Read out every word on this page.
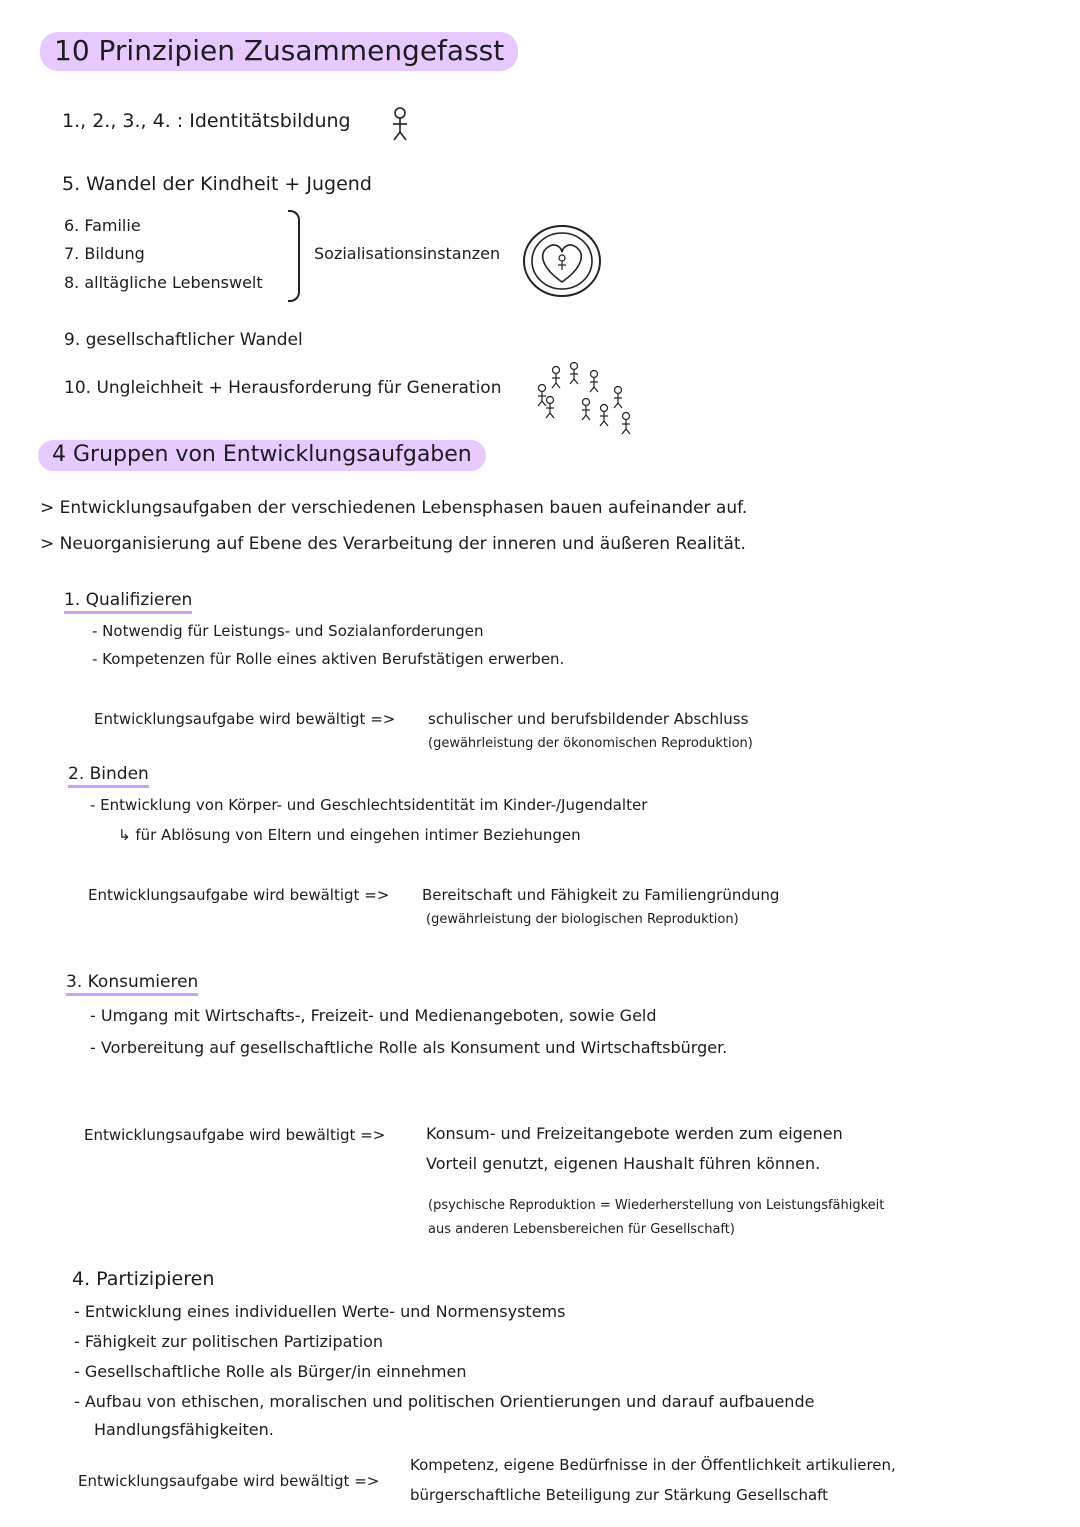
10 Prinzipien Zusammengefasst
1., 2., 3., 4. : Identitätsbildung
5. Wandel der Kindheit + Jugend
6. Familie
7. Bildung
8. alltägliche Lebenswelt
Sozialisationsinstanzen
9. gesellschaftlicher Wandel
10. Ungleichheit + Herausforderung für Generation
4 Gruppen von Entwicklungsaufgaben
> Entwicklungsaufgaben der verschiedenen Lebensphasen bauen aufeinander auf.
> Neuorganisierung auf Ebene des Verarbeitung der inneren und äußeren Realität.
1. Qualifizieren
- Notwendig für Leistungs- und Sozialanforderungen
- Kompetenzen für Rolle eines aktiven Berufstätigen erwerben.
Entwicklungsaufgabe wird bewältigt => schulischer und berufsbildender Abschluss
(gewährleistung der ökonomischen Reproduktion)
2. Binden
- Entwicklung von Körper- und Geschlechtsidentität im Kinder-/Jugendalter
↳ für Ablösung von Eltern und eingehen intimer Beziehungen
Entwicklungsaufgabe wird bewältigt => Bereitschaft und Fähigkeit zu Familiengründung
(gewährleistung der biologischen Reproduktion)
3. Konsumieren
- Umgang mit Wirtschafts-, Freizeit- und Medienangeboten, sowie Geld
- Vorbereitung auf gesellschaftliche Rolle als Konsument und Wirtschaftsbürger.
Entwicklungsaufgabe wird bewältigt =>	Konsum- und Freizeitangebote werden zum eigenen
Vorteil genutzt, eigenen Haushalt führen können.
(psychische Reproduktion = Wiederherstellung von Leistungsfähigkeit
aus anderen Lebensbereichen für Gesellschaft)
4. Partizipieren
- Entwicklung eines individuellen Werte- und Normensystems
- Fähigkeit zur politischen Partizipation
- Gesellschaftliche Rolle als Bürger/in einnehmen
- Aufbau von ethischen, moralischen und politischen Orientierungen und darauf aufbauende
Handlungsfähigkeiten.
Entwicklungsaufgabe wird bewältigt =>
Kompetenz, eigene Bedürfnisse in der Öffentlichkeit artikulieren,
bürgerschaftliche Beteiligung zur Stärkung Gesellschaft
